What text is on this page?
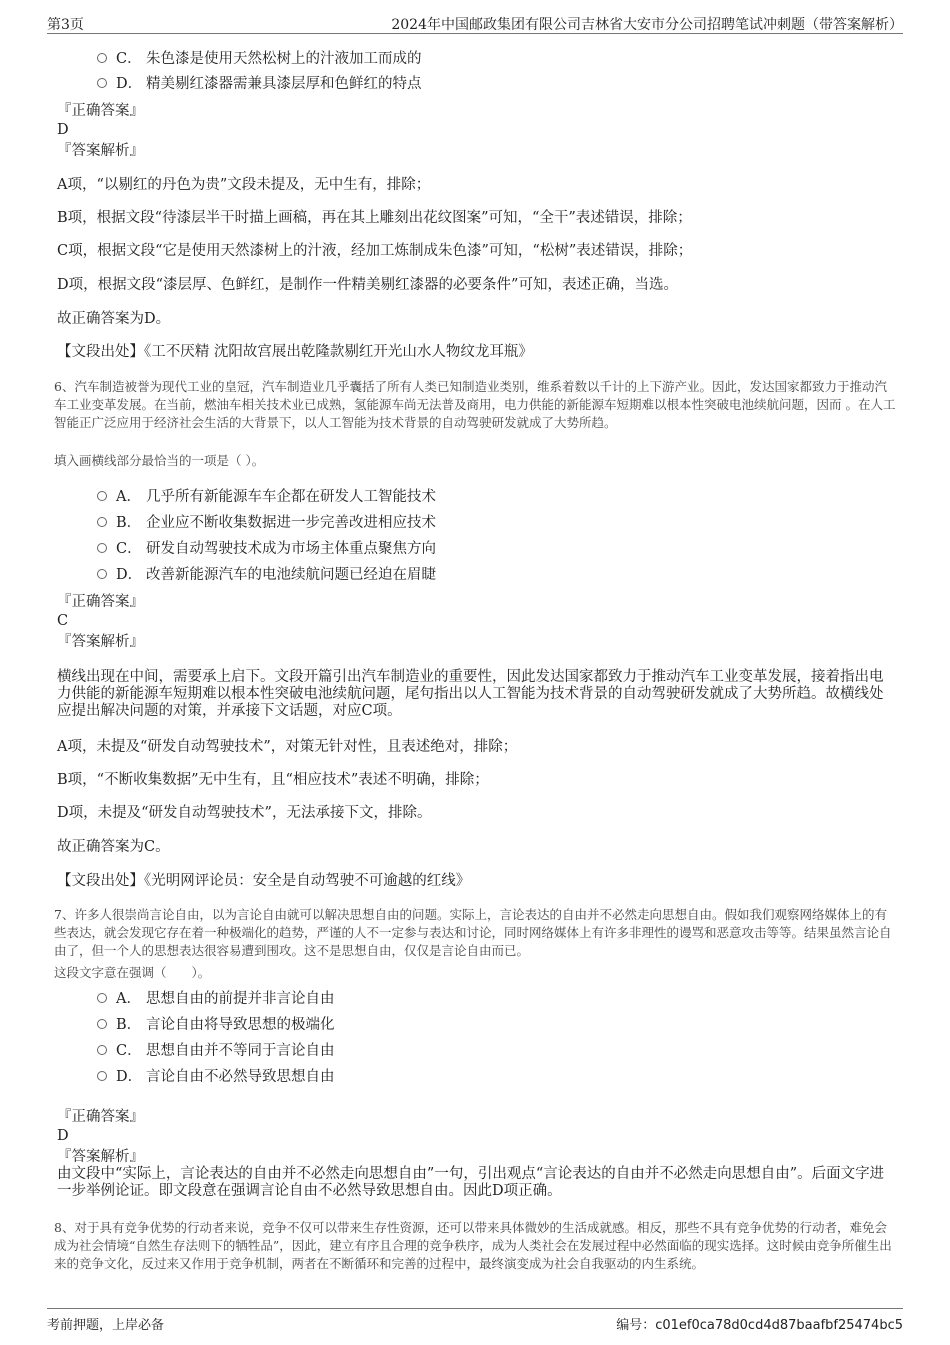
第3页	2024年中国邮政集团有限公司吉林省大安市分公司招聘笔试冲刺题（带答案解析）
C． 朱色漆是使用天然松树上的汁液加工而成的
D． 精美剔红漆器需兼具漆层厚和色鲜红的特点
『正确答案』
D
『答案解析』
A项，“以剔红的丹色为贵”文段未提及，无中生有，排除；
B项，根据文段“待漆层半干时描上画稿，再在其上雕刻出花纹图案”可知，“全干”表述错误，排除；
C项，根据文段“它是使用天然漆树上的汁液，经加工炼制成朱色漆”可知，“松树”表述错误，排除；
D项，根据文段“漆层厚、色鲜红，是制作一件精美剔红漆器的必要条件”可知，表述正确，当选。
故正确答案为D。
【文段出处】《工不厌精 沈阳故宫展出乾隆款剔红开光山水人物纹龙耳瓶》
6、汽车制造被誉为现代工业的皇冠，汽车制造业几乎囊括了所有人类已知制造业类别，维系着数以千计的上下游产业。因此，发达国家都致力于推动汽车工业变革发展。在当前，燃油车相关技术业已成熟，氢能源车尚无法普及商用，电力供能的新能源车短期难以根本性突破电池续航问题，因而 。在人工智能正广泛应用于经济社会生活的大背景下，以人工智能为技术背景的自动驾驶研发就成了大势所趋。
填入画横线部分最恰当的一项是（ ）。
A． 几乎所有新能源车车企都在研发人工智能技术
B． 企业应不断收集数据进一步完善改进相应技术
C． 研发自动驾驶技术成为市场主体重点聚焦方向
D． 改善新能源汽车的电池续航问题已经迫在眉睫
『正确答案』
C
『答案解析』
横线出现在中间，需要承上启下。文段开篇引出汽车制造业的重要性，因此发达国家都致力于推动汽车工业变革发展，接着指出电力供能的新能源车短期难以根本性突破电池续航问题，尾句指出以人工智能为技术背景的自动驾驶研发就成了大势所趋。故横线处应提出解决问题的对策，并承接下文话题，对应C项。
A项，未提及“研发自动驾驶技术”，对策无针对性，且表述绝对，排除；
B项，“不断收集数据”无中生有，且“相应技术”表述不明确，排除；
D项，未提及“研发自动驾驶技术”，无法承接下文，排除。
故正确答案为C。
【文段出处】《光明网评论员：安全是自动驾驶不可逾越的红线》
7、许多人很崇尚言论自由，以为言论自由就可以解决思想自由的问题。实际上，言论表达的自由并不必然走向思想自由。假如我们观察网络媒体上的有些表达，就会发现它存在着一种极端化的趋势，严谨的人不一定参与表达和讨论，同时网络媒体上有许多非理性的谩骂和恶意攻击等等。结果虽然言论自由了，但一个人的思想表达很容易遭到围攻。这不是思想自由，仅仅是言论自由而已。
这段文字意在强调（　　）。
A． 思想自由的前提并非言论自由
B． 言论自由将导致思想的极端化
C． 思想自由并不等同于言论自由
D． 言论自由不必然导致思想自由
『正确答案』
D
『答案解析』
由文段中“实际上，言论表达的自由并不必然走向思想自由”一句，引出观点“言论表达的自由并不必然走向思想自由”。后面文字进一步举例论证。即文段意在强调言论自由不必然导致思想自由。因此D项正确。
8、对于具有竞争优势的行动者来说，竞争不仅可以带来生存性资源，还可以带来具体微妙的生活成就感。相反，那些不具有竞争优势的行动者，难免会成为社会情境“自然生存法则下的牺牲品”，因此，建立有序且合理的竞争秩序，成为人类社会在发展过程中必然面临的现实选择。这时候由竞争所催生出来的竞争文化，反过来又作用于竞争机制，两者在不断循环和完善的过程中，最终演变成为社会自我驱动的内生系统。
考前押题，上岸必备	编号：c01ef0ca78d0cd4d87baafbf25474bc5
